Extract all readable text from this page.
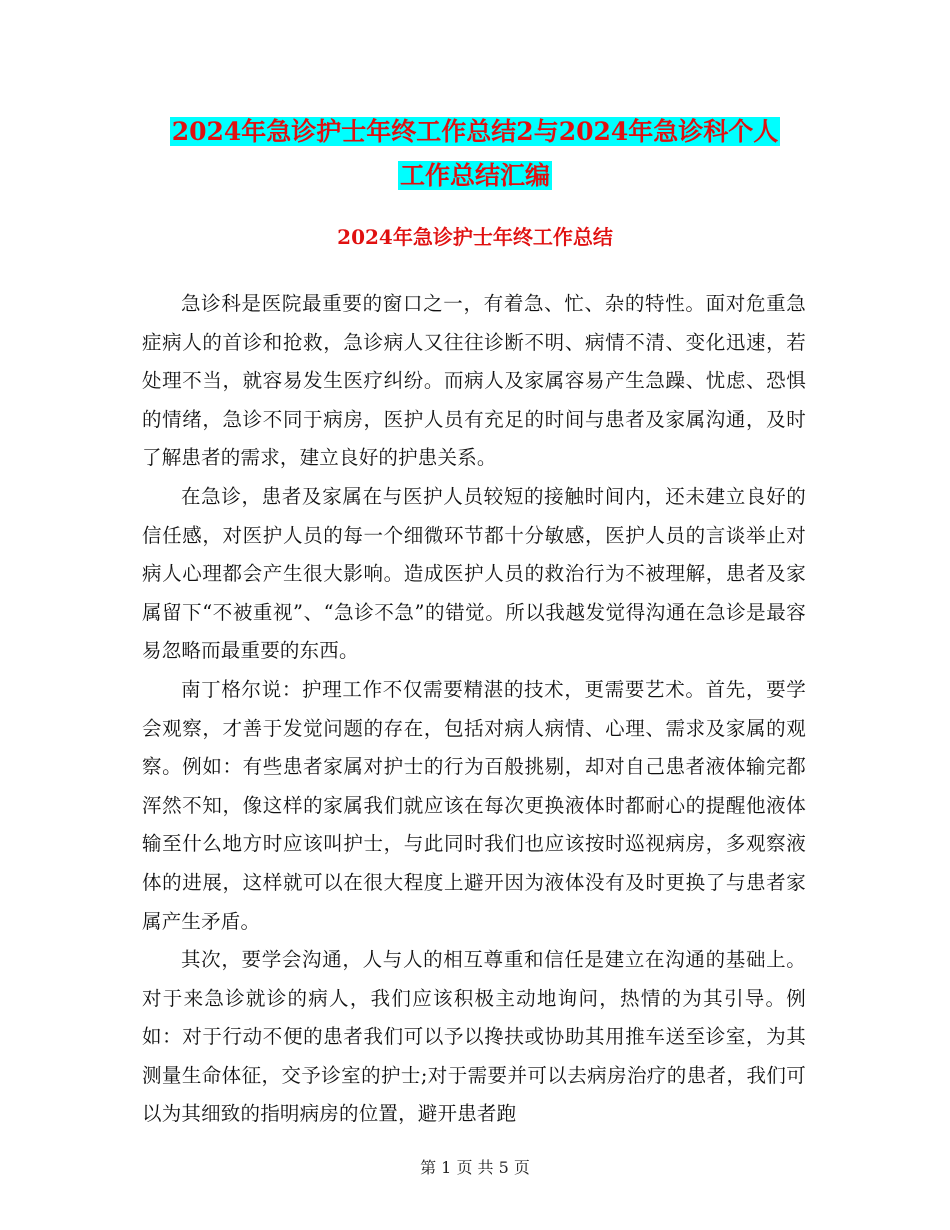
2024年急诊护士年终工作总结2与2024年急诊科个人
工作总结汇编
2024年急诊护士年终工作总结

急诊科是医院最重要的窗口之一，有着急、忙、杂的特性。面对危重急症病人的首诊和抢救，急诊病人又往往诊断不明、病情不清、变化迅速，若处理不当，就容易发生医疗纠纷。而病人及家属容易产生急躁、忧虑、恐惧的情绪，急诊不同于病房，医护人员有充足的时间与患者及家属沟通，及时了解患者的需求，建立良好的护患关系。

在急诊，患者及家属在与医护人员较短的接触时间内，还未建立良好的信任感，对医护人员的每一个细微环节都十分敏感，医护人员的言谈举止对病人心理都会产生很大影响。造成医护人员的救治行为不被理解，患者及家属留下“不被重视”、“急诊不急”的错觉。所以我越发觉得沟通在急诊是最容易忽略而最重要的东西。

南丁格尔说：护理工作不仅需要精湛的技术，更需要艺术。首先，要学会观察，才善于发觉问题的存在，包括对病人病情、心理、需求及家属的观察。例如：有些患者家属对护士的行为百般挑剔，却对自己患者液体输完都浑然不知，像这样的家属我们就应该在每次更换液体时都耐心的提醒他液体输至什么地方时应该叫护士，与此同时我们也应该按时巡视病房，多观察液体的进展，这样就可以在很大程度上避开因为液体没有及时更换了与患者家属产生矛盾。

其次，要学会沟通，人与人的相互尊重和信任是建立在沟通的基础上。对于来急诊就诊的病人，我们应该积极主动地询问，热情的为其引导。例如：对于行动不便的患者我们可以予以搀扶或协助其用推车送至诊室，为其测量生命体征，交予诊室的护士;对于需要并可以去病房治疗的患者，我们可以为其细致的指明病房的位置，避开患者跑

第 1 页 共 5 页
